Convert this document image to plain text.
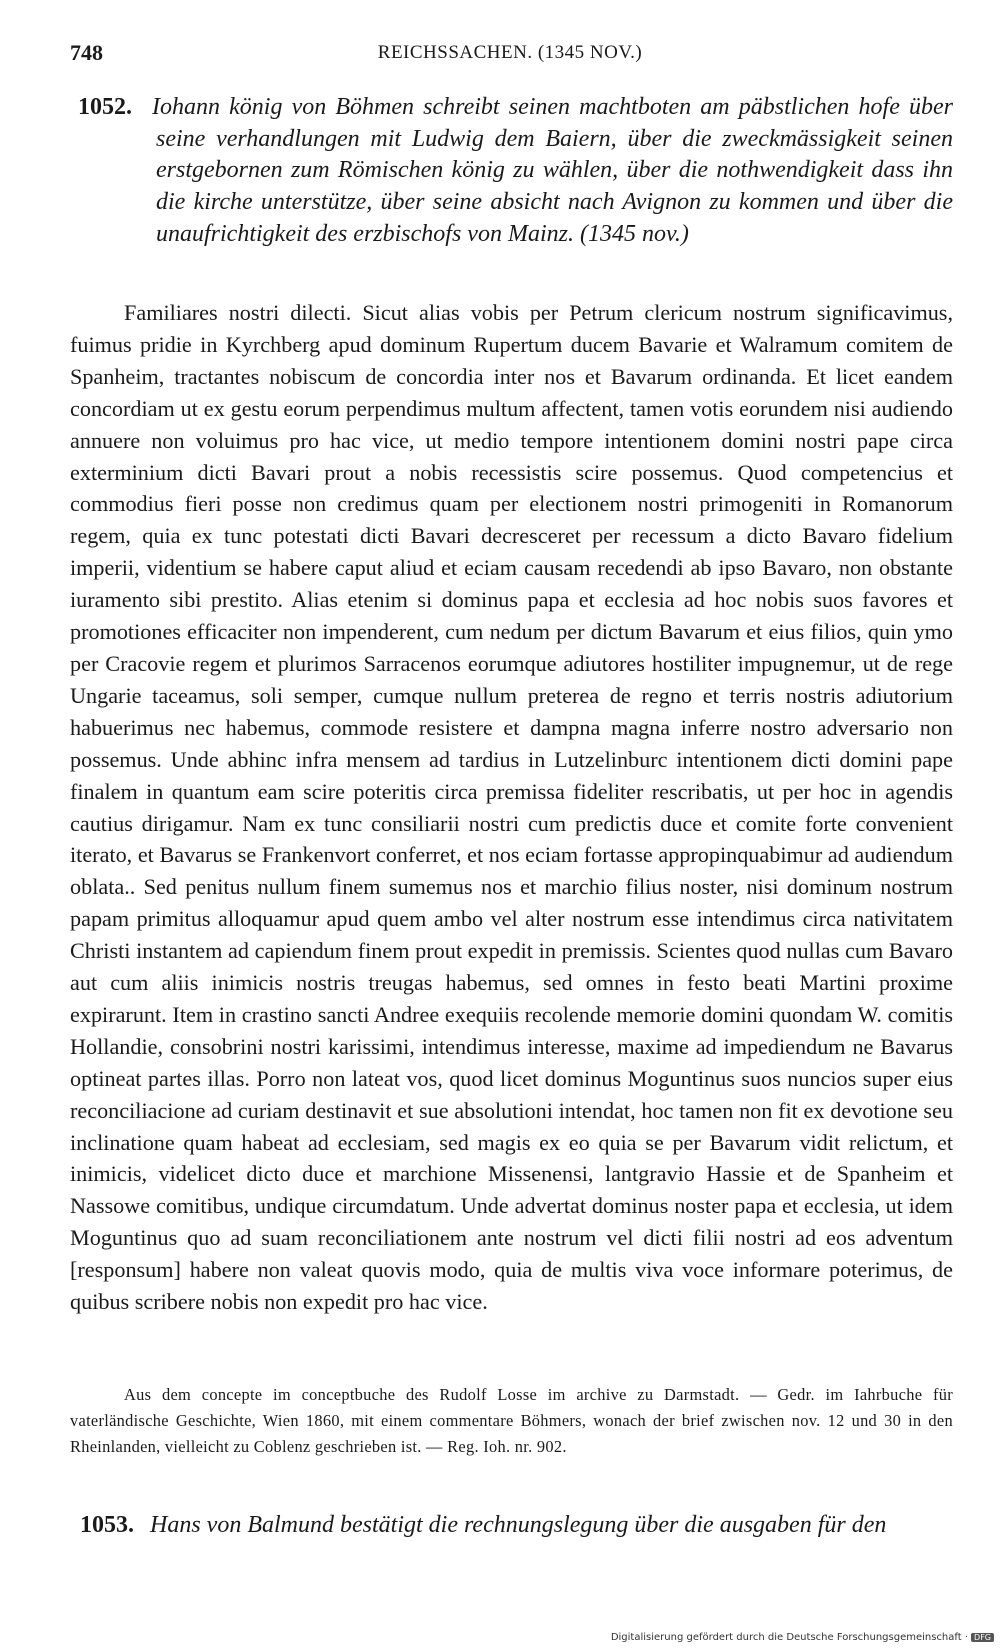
748	REICHSSACHEN. (1345 NOV.)
1052. Iohann könig von Böhmen schreibt seinen machtboten am päbstlichen hofe über seine verhandlungen mit Ludwig dem Baiern, über die zweckmässigkeit seinen erstgebornen zum Römischen könig zu wählen, über die nothwendigkeit dass ihn die kirche unterstütze, über seine absicht nach Avignon zu kommen und über die unaufrichtigkeit des erzbischofs von Mainz. (1345 nov.)
Familiares nostri dilecti. Sicut alias vobis per Petrum clericum nostrum significavimus, fuimus pridie in Kyrchberg apud dominum Rupertum ducem Bavarie et Walramum comitem de Spanheim, tractantes nobiscum de concordia inter nos et Bavarum ordinanda. Et licet eandem concordiam ut ex gestu eorum perpendimus multum affectent, tamen votis eorundem nisi audiendo annuere non voluimus pro hac vice, ut medio tempore intentionem domini nostri pape circa exterminium dicti Bavari prout a nobis recessistis scire possemus. Quod competencius et commodius fieri posse non credimus quam per electionem nostri primogeniti in Romanorum regem, quia ex tunc potestati dicti Bavari decresceret per recessum a dicto Bavaro fidelium imperii, videntium se habere caput aliud et eciam causam recedendi ab ipso Bavaro, non obstante iuramento sibi prestito. Alias etenim si dominus papa et ecclesia ad hoc nobis suos favores et promotiones efficaciter non impenderent, cum nedum per dictum Bavarum et eius filios, quin ymo per Cracovie regem et plurimos Sarracenos eorumque adiutores hostiliter impugnemur, ut de rege Ungarie taceamus, soli semper, cumque nullum preterea de regno et terris nostris adiutorium habuerimus nec habemus, commode resistere et dampna magna inferre nostro adversario non possemus. Unde abhinc infra mensem ad tardius in Lutzelinburc intentionem dicti domini pape finalem in quantum eam scire poteritis circa premissa fideliter rescribatis, ut per hoc in agendis cautius dirigamur. Nam ex tunc consiliarii nostri cum predictis duce et comite forte convenient iterato, et Bavarus se Frankenvort conferret, et nos eciam fortasse appropinquabimur ad audiendum oblata.. Sed penitus nullum finem sumemus nos et marchio filius noster, nisi dominum nostrum papam primitus alloquamur apud quem ambo vel alter nostrum esse intendimus circa nativitatem Christi instantem ad capiendum finem prout expedit in premissis. Scientes quod nullas cum Bavaro aut cum aliis inimicis nostris treugas habemus, sed omnes in festo beati Martini proxime expirarunt. Item in crastino sancti Andree exequiis recolende memorie domini quondam W. comitis Hollandie, consobrini nostri karissimi, intendimus interesse, maxime ad impediendum ne Bavarus optineat partes illas. Porro non lateat vos, quod licet dominus Moguntinus suos nuncios super eius reconciliacione ad curiam destinavit et sue absolutioni intendat, hoc tamen non fit ex devotione seu inclinatione quam habeat ad ecclesiam, sed magis ex eo quia se per Bavarum vidit relictum, et inimicis, videlicet dicto duce et marchione Missenensi, lantgravio Hassie et de Spanheim et Nassowe comitibus, undique circumdatum. Unde advertat dominus noster papa et ecclesia, ut idem Moguntinus quo ad suam reconciliationem ante nostrum vel dicti filii nostri ad eos adventum [responsum] habere non valeat quovis modo, quia de multis viva voce informare poterimus, de quibus scribere nobis non expedit pro hac vice.
Aus dem concepte im conceptbuche des Rudolf Losse im archive zu Darmstadt. — Gedr. im Iahrbuche für vaterländische Geschichte, Wien 1860, mit einem commentare Böhmers, wonach der brief zwischen nov. 12 und 30 in den Rheinlanden, vielleicht zu Coblenz geschrieben ist. — Reg. Ioh. nr. 902.
1053. Hans von Balmund bestätigt die rechnungslegung über die ausgaben für den
Digitalisierung gefördert durch die Deutsche Forschungsgemeinschaft · DFG
